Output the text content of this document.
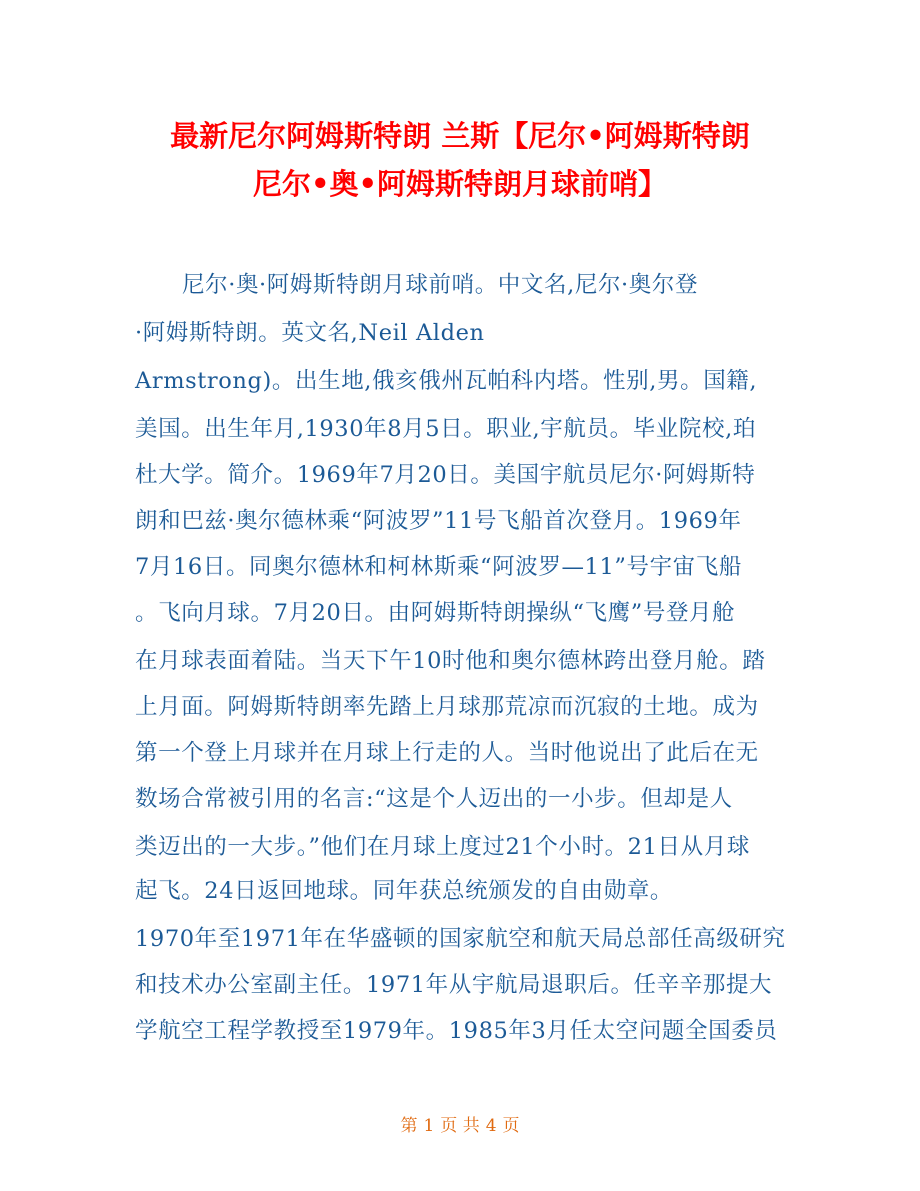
最新尼尔阿姆斯特朗 兰斯【尼尔•阿姆斯特朗
尼尔•奥•阿姆斯特朗月球前哨】
尼尔·奥·阿姆斯特朗月球前哨。中文名,尼尔·奥尔登
·阿姆斯特朗。英文名,Neil Alden
Armstrong)。出生地,俄亥俄州瓦帕科内塔。性别,男。国籍,
美国。出生年月,1930年8月5日。职业,宇航员。毕业院校,珀
杜大学。简介。1969年7月20日。美国宇航员尼尔·阿姆斯特
朗和巴兹·奥尔德林乘“阿波罗”11号飞船首次登月。1969年
7月16日。同奥尔德林和柯林斯乘“阿波罗—11”号宇宙飞船
。飞向月球。7月20日。由阿姆斯特朗操纵“飞鹰”号登月舱
在月球表面着陆。当天下午10时他和奥尔德林跨出登月舱。踏
上月面。阿姆斯特朗率先踏上月球那荒凉而沉寂的土地。成为
第一个登上月球并在月球上行走的人。当时他说出了此后在无
数场合常被引用的名言:“这是个人迈出的一小步。但却是人
类迈出的一大步。”他们在月球上度过21个小时。21日从月球
起飞。24日返回地球。同年获总统颁发的自由勋章。
1970年至1971年在华盛顿的国家航空和航天局总部任高级研究
和技术办公室副主任。1971年从宇航局退职后。任辛辛那提大
学航空工程学教授至1979年。1985年3月任太空问题全国委员
第 1 页 共 4 页
